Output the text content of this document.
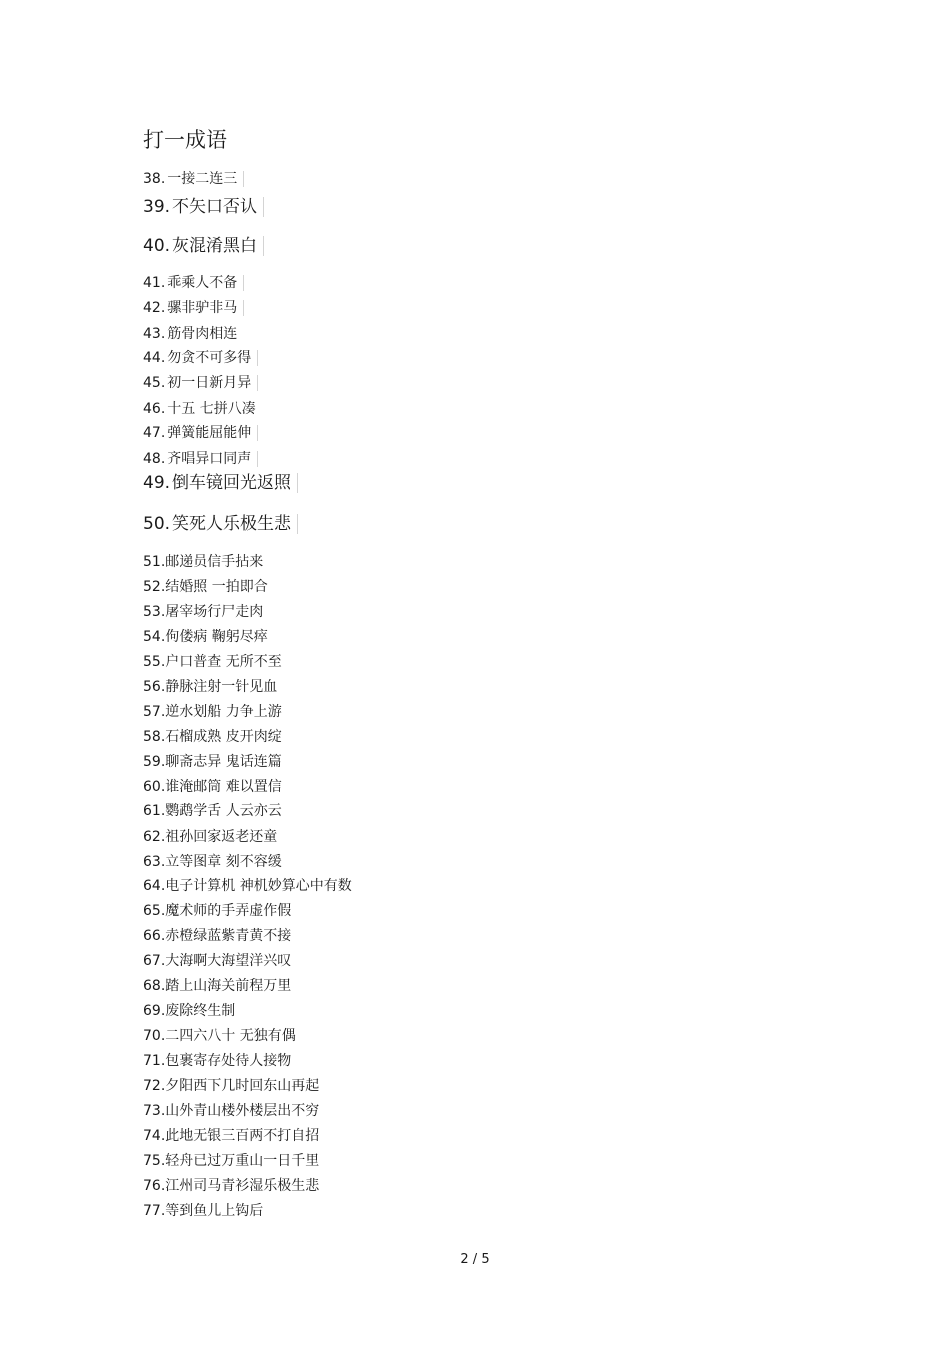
打一成语
38. 一接二连三
39. 不矢口否认
40. 灰混淆黑白
41. 乖乘人不备
42. 骡非驴非马
43. 筋骨肉相连
44. 勿贪不可多得
45. 初一日新月异
46. 十五 七拼八凑
47. 弹簧能屈能伸
48. 齐唱异口同声
49. 倒车镜回光返照
50. 笑死人乐极生悲
51.邮递员信手拈来
52.结婚照 一拍即合
53.屠宰场行尸走肉
54.佝偻病 鞠躬尽瘁
55.户口普查 无所不至
56.静脉注射一针见血
57.逆水划船 力争上游
58.石榴成熟 皮开肉绽
59.聊斋志异 鬼话连篇
60.谁淹邮筒 难以置信
61.鹦鹉学舌 人云亦云
62.祖孙回家返老还童
63.立等图章 刻不容缓
64.电子计算机 神机妙算心中有数
65.魔术师的手弄虚作假
66.赤橙绿蓝紫青黄不接
67.大海啊大海望洋兴叹
68.踏上山海关前程万里
69.废除终生制
70.二四六八十 无独有偶
71.包裹寄存处待人接物
72.夕阳西下几时回东山再起
73.山外青山楼外楼层出不穷
74.此地无银三百两不打自招
75.轻舟已过万重山一日千里
76.江州司马青衫湿乐极生悲
77.等到鱼儿上钩后
2 / 5
